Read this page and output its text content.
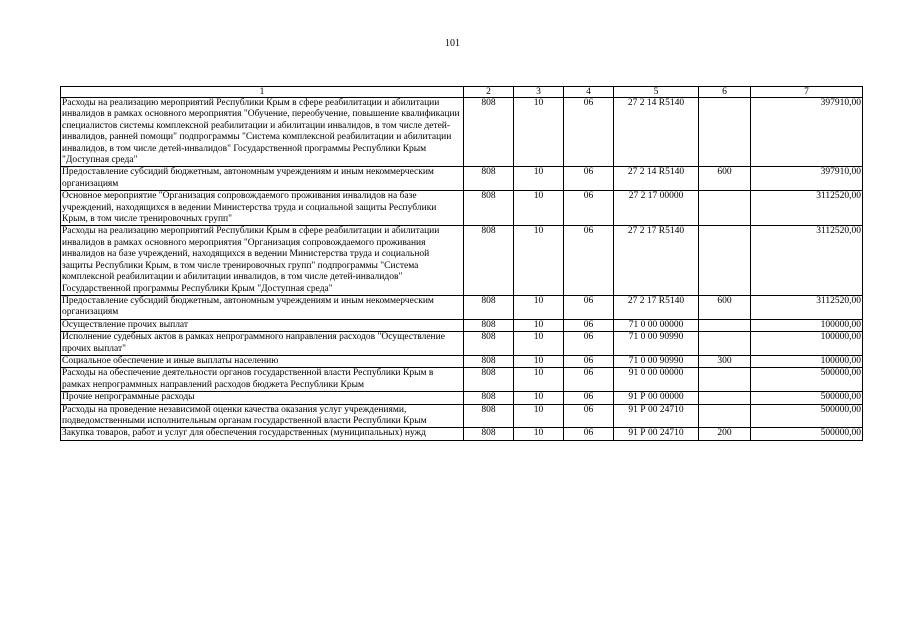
101
1	2	3	4	5	6	7
Расходы на реализацию мероприятий Республики Крым в сфере реабилитации и абилитации инвалидов в рамках основного мероприятия "Обучение, переобучение, повышение квалификации специалистов системы комплексной реабилитации и абилитации инвалидов, в том числе детей-инвалидов, ранней помощи" подпрограммы "Система комплексной реабилитации и абилитации инвалидов, в том числе детей-инвалидов" Государственной программы Республики Крым "Доступная среда"	808	10	06	27 2 14 R5140		397910,00
Предоставление субсидий бюджетным, автономным учреждениям и иным некоммерческим организациям	808	10	06	27 2 14 R5140	600	397910,00
Основное мероприятие "Организация сопровождаемого проживания инвалидов на базе учреждений, находящихся в ведении Министерства труда и социальной защиты Республики Крым, в том числе тренировочных групп"	808	10	06	27 2 17 00000		3112520,00
Расходы на реализацию мероприятий Республики Крым в сфере реабилитации и абилитации инвалидов в рамках основного мероприятия "Организация сопровождаемого проживания инвалидов на базе учреждений, находящихся в ведении Министерства труда и социальной защиты Республики Крым, в том числе тренировочных групп" подпрограммы "Система комплексной реабилитации и абилитации инвалидов, в том числе детей-инвалидов" Государственной программы Республики Крым "Доступная среда"	808	10	06	27 2 17 R5140		3112520,00
Предоставление субсидий бюджетным, автономным учреждениям и иным некоммерческим организациям	808	10	06	27 2 17 R5140	600	3112520,00
Осуществление прочих выплат	808	10	06	71 0 00 00000		100000,00
Исполнение судебных актов в рамках непрограммного направления расходов "Осуществление прочих выплат"	808	10	06	71 0 00 90990		100000,00
Социальное обеспечение и иные выплаты населению	808	10	06	71 0 00 90990	300	100000,00
Расходы на обеспечение деятельности органов государственной власти Республики Крым в рамках непрограммных направлений расходов бюджета Республики Крым	808	10	06	91 0 00 00000		500000,00
Прочие непрограммные расходы	808	10	06	91 Р 00 00000		500000,00
Расходы на проведение независимой оценки качества оказания услуг учреждениями, подведомственными исполнительным органам государственной власти Республики Крым	808	10	06	91 Р 00 24710		500000,00
Закупка товаров, работ и услуг для обеспечения государственных (муниципальных) нужд	808	10	06	91 Р 00 24710	200	500000,00
